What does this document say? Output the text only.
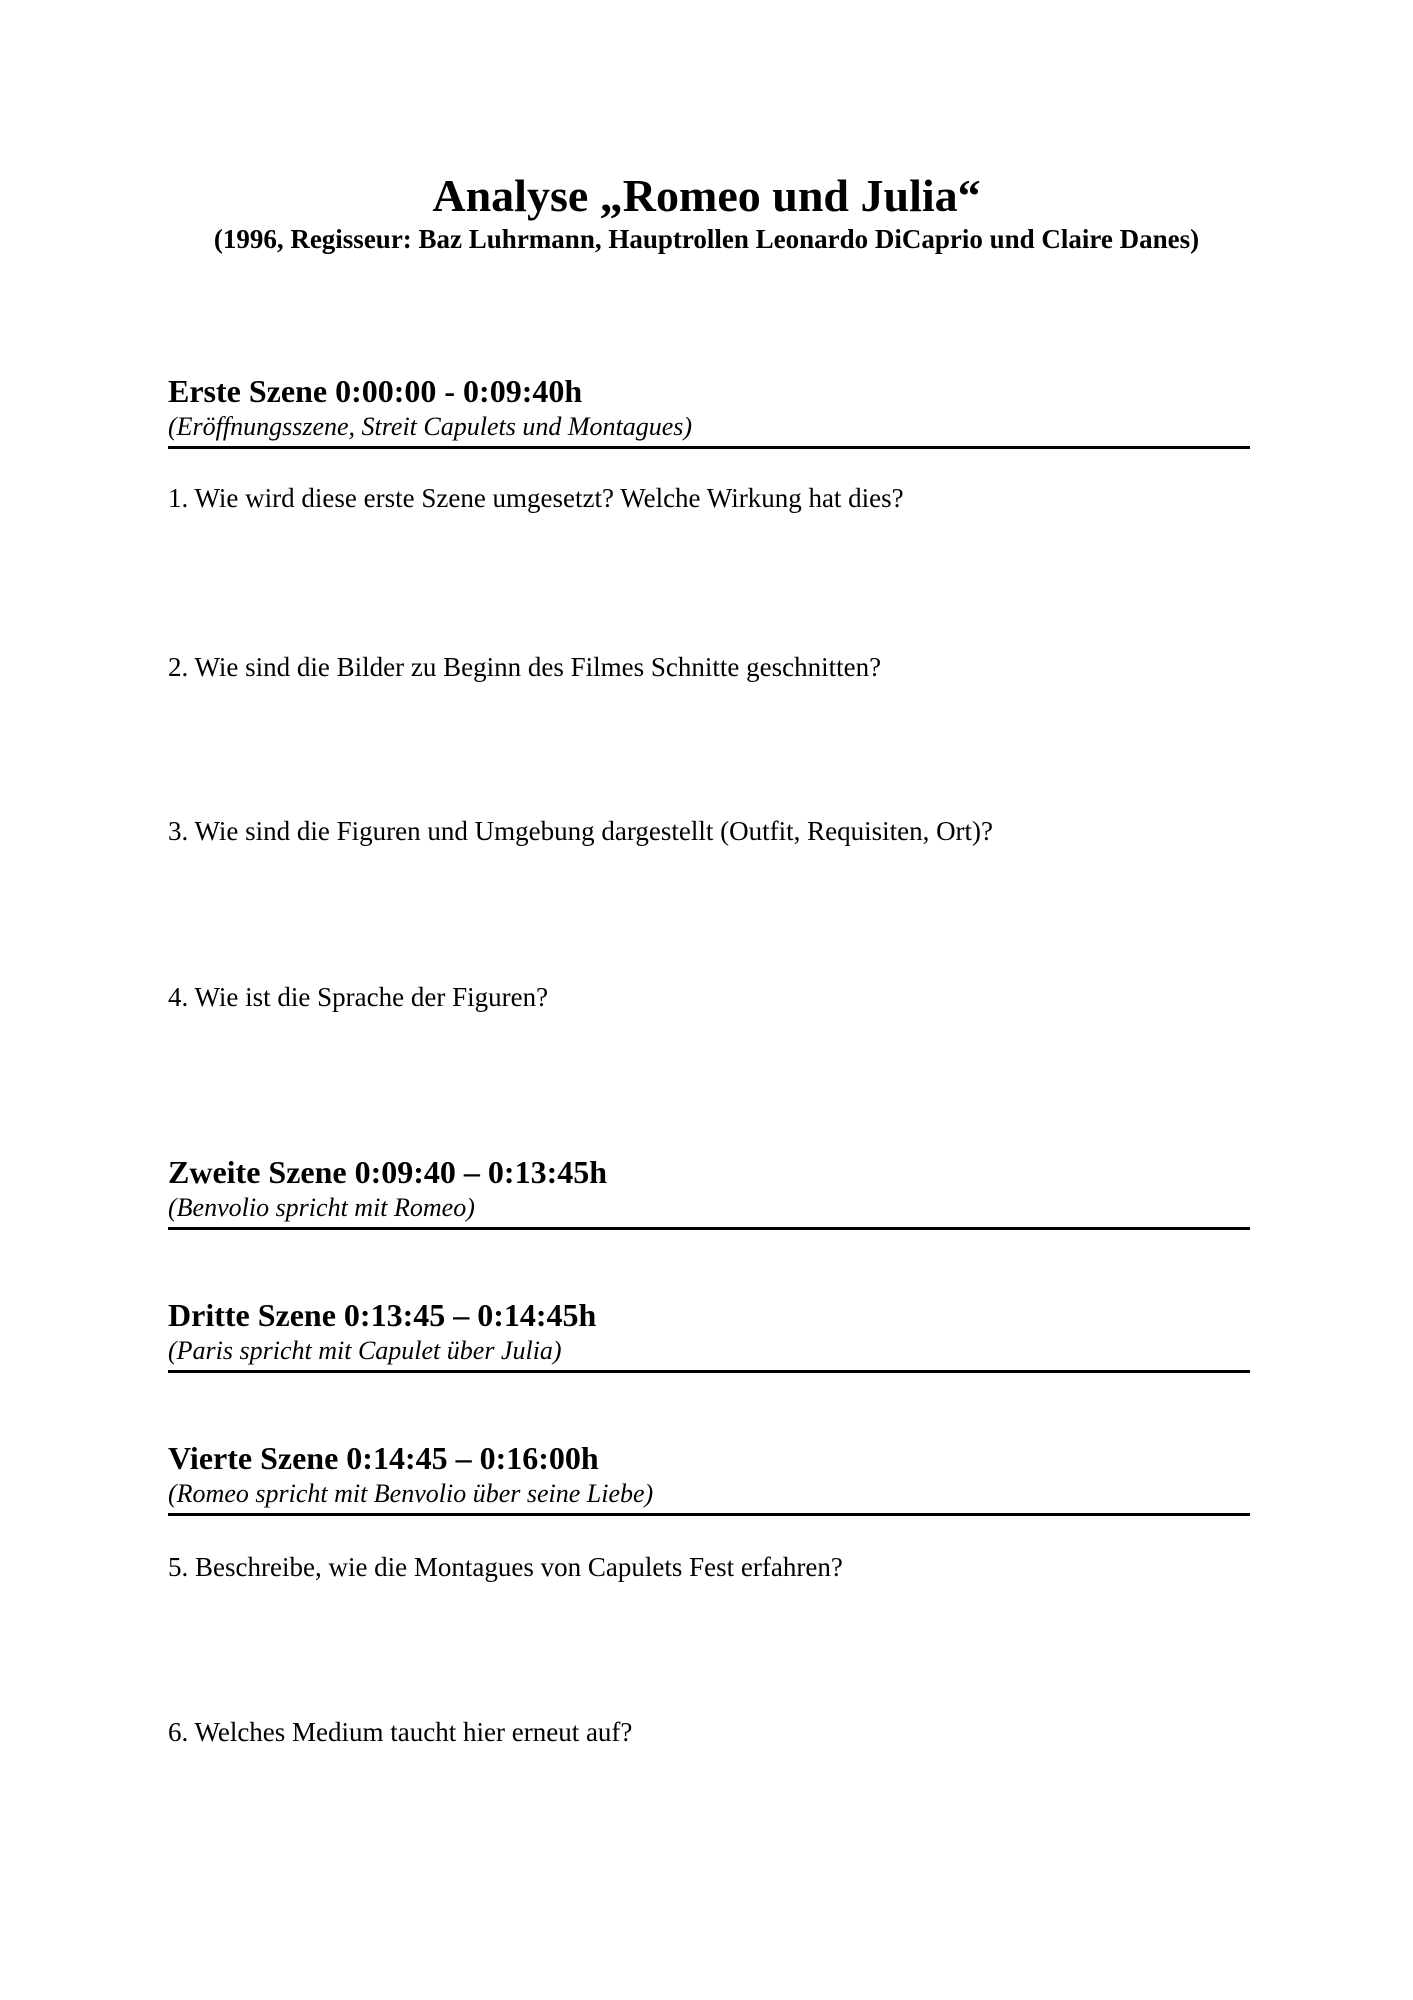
Analyse „Romeo und Julia“
(1996, Regisseur: Baz Luhrmann, Hauptrollen Leonardo DiCaprio und Claire Danes)
Erste Szene 0:00:00 - 0:09:40h
(Eröffnungsszene, Streit Capulets und Montagues)
1. Wie wird diese erste Szene umgesetzt? Welche Wirkung hat dies?
2. Wie sind die Bilder zu Beginn des Filmes Schnitte geschnitten?
3. Wie sind die Figuren und Umgebung dargestellt (Outfit, Requisiten, Ort)?
4. Wie ist die Sprache der Figuren?
Zweite Szene 0:09:40 – 0:13:45h
(Benvolio spricht mit Romeo)
Dritte Szene 0:13:45 – 0:14:45h
(Paris spricht mit Capulet über Julia)
Vierte Szene 0:14:45 – 0:16:00h
(Romeo spricht mit Benvolio über seine Liebe)
5. Beschreibe, wie die Montagues von Capulets Fest erfahren?
6. Welches Medium taucht hier erneut auf?
